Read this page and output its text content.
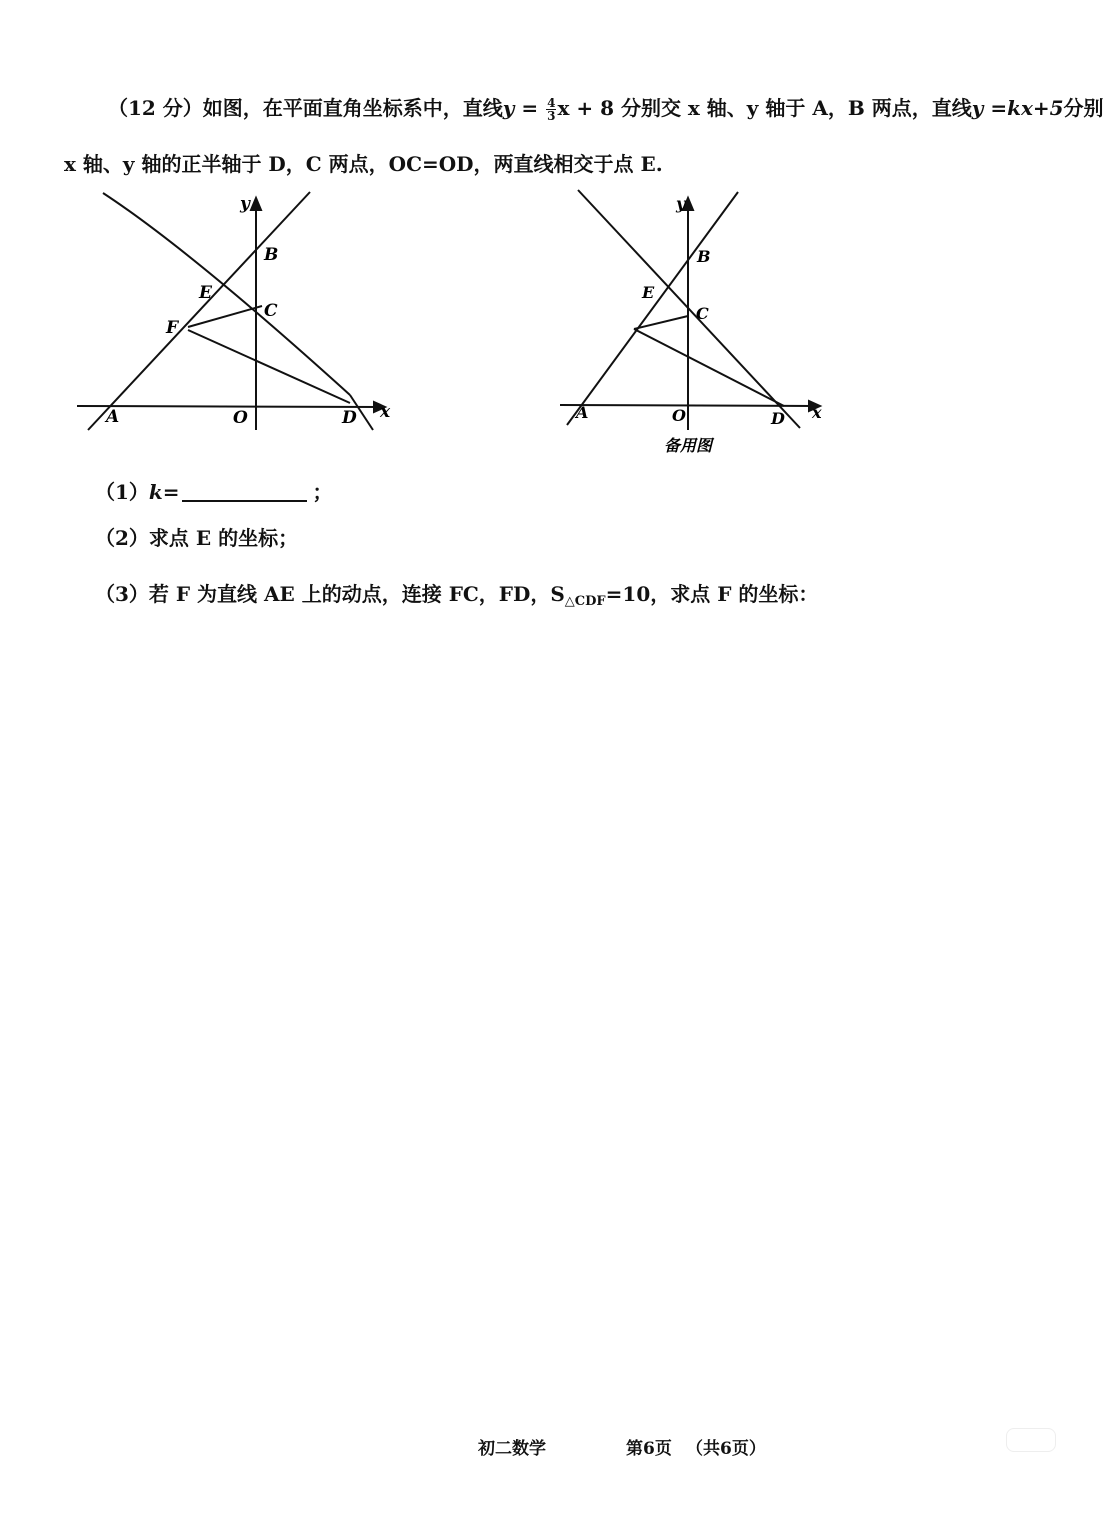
（12 分）如图，在平面直角坐标系中，直线$y = \frac{4}{3}$ x + 8 分别交 x 轴、y 轴于 A，B 两点，直线y =kx+5分别
x 轴、y 轴的正半轴于 D，C 两点，OC=OD，两直线相交于点 E.
y
x
A	O	D
B
E
C
F
y
x
A	O	D
B
E
C
备用图
（1）k=	；
（2）求点 E 的坐标；
（3）若 F 为直线 AE 上的动点，连接 FC，FD，$S_{\triangle CDF}=10$，求点 F 的坐标：
初二数学	第6页 （共6页）
